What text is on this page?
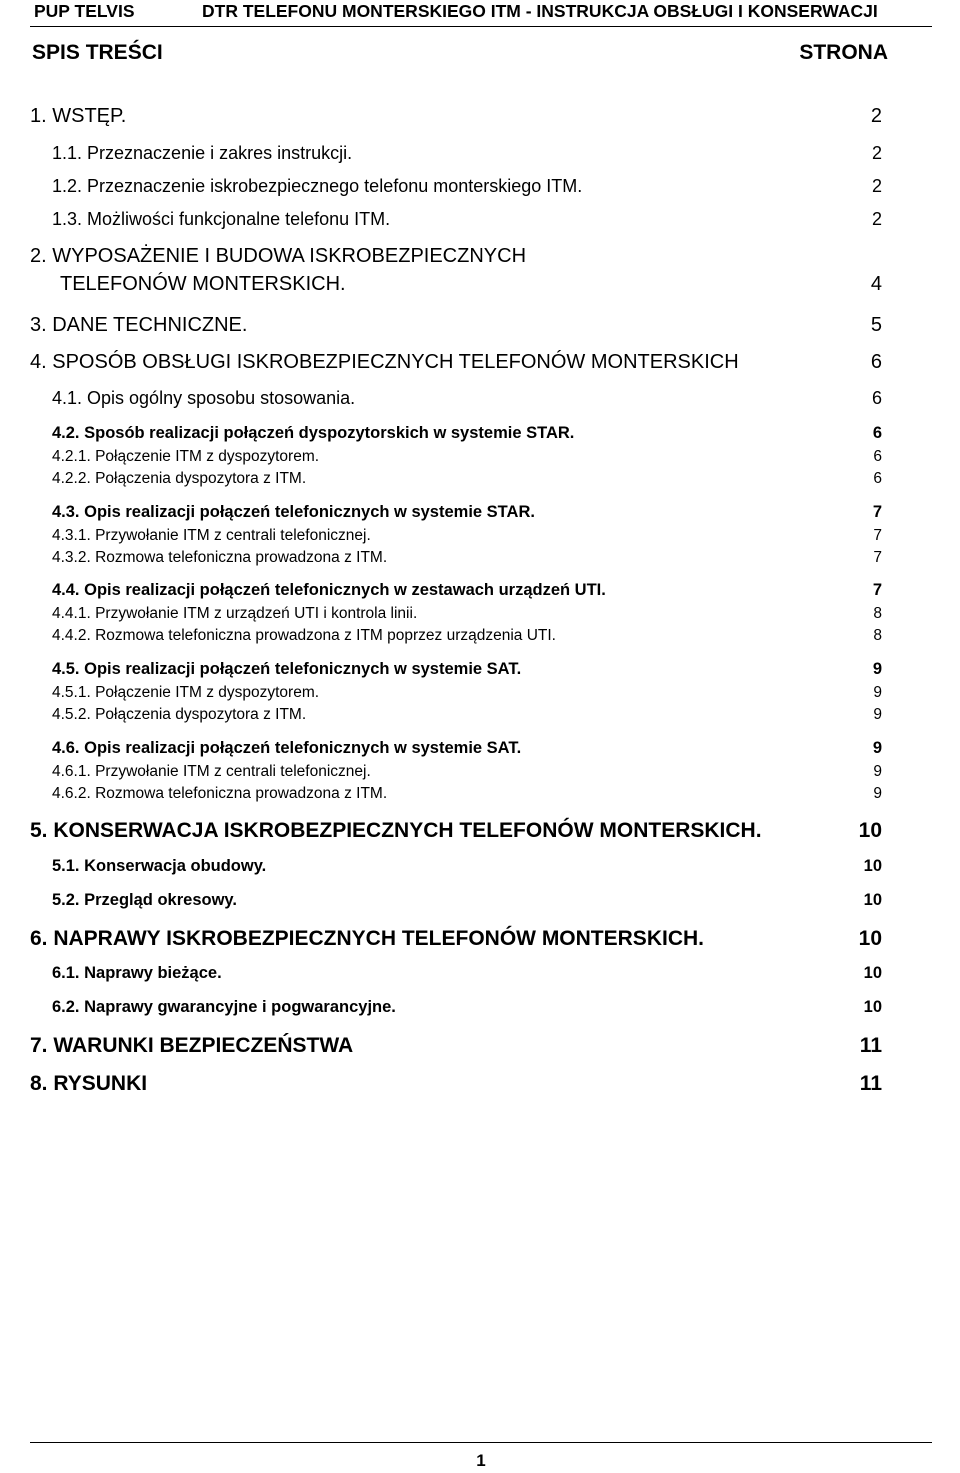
PUP TELVIS	DTR TELEFONU MONTERSKIEGO ITM - INSTRUKCJA OBSŁUGI I KONSERWACJI
SPIS TREŚCI	STRONA
1. WSTĘP.	2
1.1. Przeznaczenie i zakres instrukcji.	2
1.2. Przeznaczenie iskrobezpiecznego telefonu monterskiego ITM.	2
1.3. Możliwości funkcjonalne telefonu ITM.	2
2. WYPOSAŻENIE I BUDOWA ISKROBEZPIECZNYCH
TELEFONÓW MONTERSKICH.	4
3. DANE TECHNICZNE.	5
4. SPOSÓB OBSŁUGI ISKROBEZPIECZNYCH TELEFONÓW MONTERSKICH	6
4.1. Opis ogólny sposobu stosowania.	6
4.2. Sposób realizacji połączeń dyspozytorskich w systemie STAR.	6
4.2.1. Połączenie ITM z dyspozytorem.	6
4.2.2. Połączenia dyspozytora z ITM.	6
4.3. Opis realizacji połączeń telefonicznych w systemie STAR.	7
4.3.1. Przywołanie ITM z centrali telefonicznej.	7
4.3.2. Rozmowa telefoniczna prowadzona z ITM.	7
4.4. Opis realizacji połączeń telefonicznych w zestawach urządzeń UTI.	7
4.4.1. Przywołanie ITM z urządzeń UTI i kontrola linii.	8
4.4.2. Rozmowa telefoniczna prowadzona z ITM poprzez urządzenia UTI.	8
4.5. Opis realizacji połączeń telefonicznych w systemie SAT.	9
4.5.1. Połączenie ITM z dyspozytorem.	9
4.5.2. Połączenia dyspozytora z ITM.	9
4.6. Opis realizacji połączeń telefonicznych w systemie SAT.	9
4.6.1. Przywołanie ITM z centrali telefonicznej.	9
4.6.2. Rozmowa telefoniczna prowadzona z ITM.	9
5. KONSERWACJA ISKROBEZPIECZNYCH TELEFONÓW MONTERSKICH.	10
5.1. Konserwacja obudowy.	10
5.2. Przegląd okresowy.	10
6. NAPRAWY ISKROBEZPIECZNYCH TELEFONÓW MONTERSKICH.	10
6.1. Naprawy bieżące.	10
6.2. Naprawy gwarancyjne i pogwarancyjne.	10
7. WARUNKI BEZPIECZEŃSTWA	11
8. RYSUNKI	11
1
